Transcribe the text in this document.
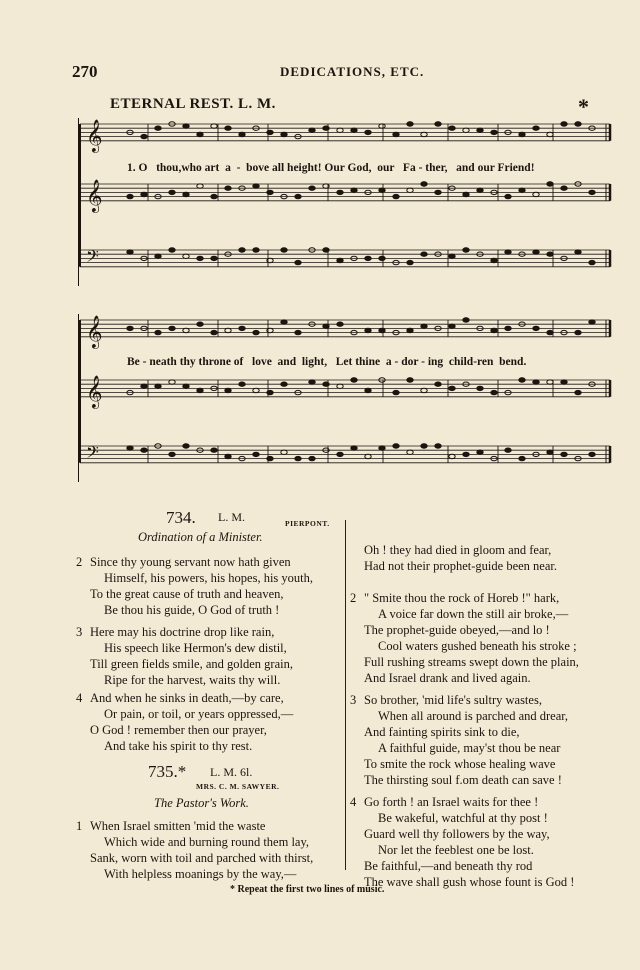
270	DEDICATIONS, ETC.
ETERNAL REST. L. M.	*
𝄞
𝄞
𝄢
1. O   thou,who art  a  -  bove all height! Our God,  our   Fa - ther,   and our Friend!
𝄞
𝄞
𝄢
Be - neath thy throne of   love  and  light,   Let thine  a - dor - ing  child-ren  bend.
734. L. M.	PIERPONT.
Ordination of a Minister.
2 Since thy young servant now hath given
Himself, his powers, his hopes, his youth,
To the great cause of truth and heaven,
Be thou his guide, O God of truth !
3 Here may his doctrine drop like rain,
His speech like Hermon's dew distil,
Till green fields smile, and golden grain,
Ripe for the harvest, waits thy will.
4 And when he sinks in death,—by care,
Or pain, or toil, or years oppressed,—
O God ! remember then our prayer,
And take his spirit to thy rest.
735.* L. M. 6l.
MRS. C. M. SAWYER.
The Pastor's Work.
1 When Israel smitten 'mid the waste
Which wide and burning round them lay,
Sank, worn with toil and parched with thirst,
With helpless moanings by the way,—
Oh ! they had died in gloom and fear,
Had not their prophet-guide been near.
2 " Smite thou the rock of Horeb !" hark,
A voice far down the still air broke,—
The prophet-guide obeyed,—and lo !
Cool waters gushed beneath his stroke ;
Full rushing streams swept down the plain,
And Israel drank and lived again.
3 So brother, 'mid life's sultry wastes,
When all around is parched and drear,
And fainting spirits sink to die,
A faithful guide, may'st thou be near
To smite the rock whose healing wave
The thirsting soul f.om death can save !
4 Go forth ! an Israel waits for thee !
Be wakeful, watchful at thy post !
Guard well thy followers by the way,
Nor let the feeblest one be lost.
Be faithful,—and beneath thy rod
The wave shall gush whose fount is God !
* Repeat the first two lines of music.
